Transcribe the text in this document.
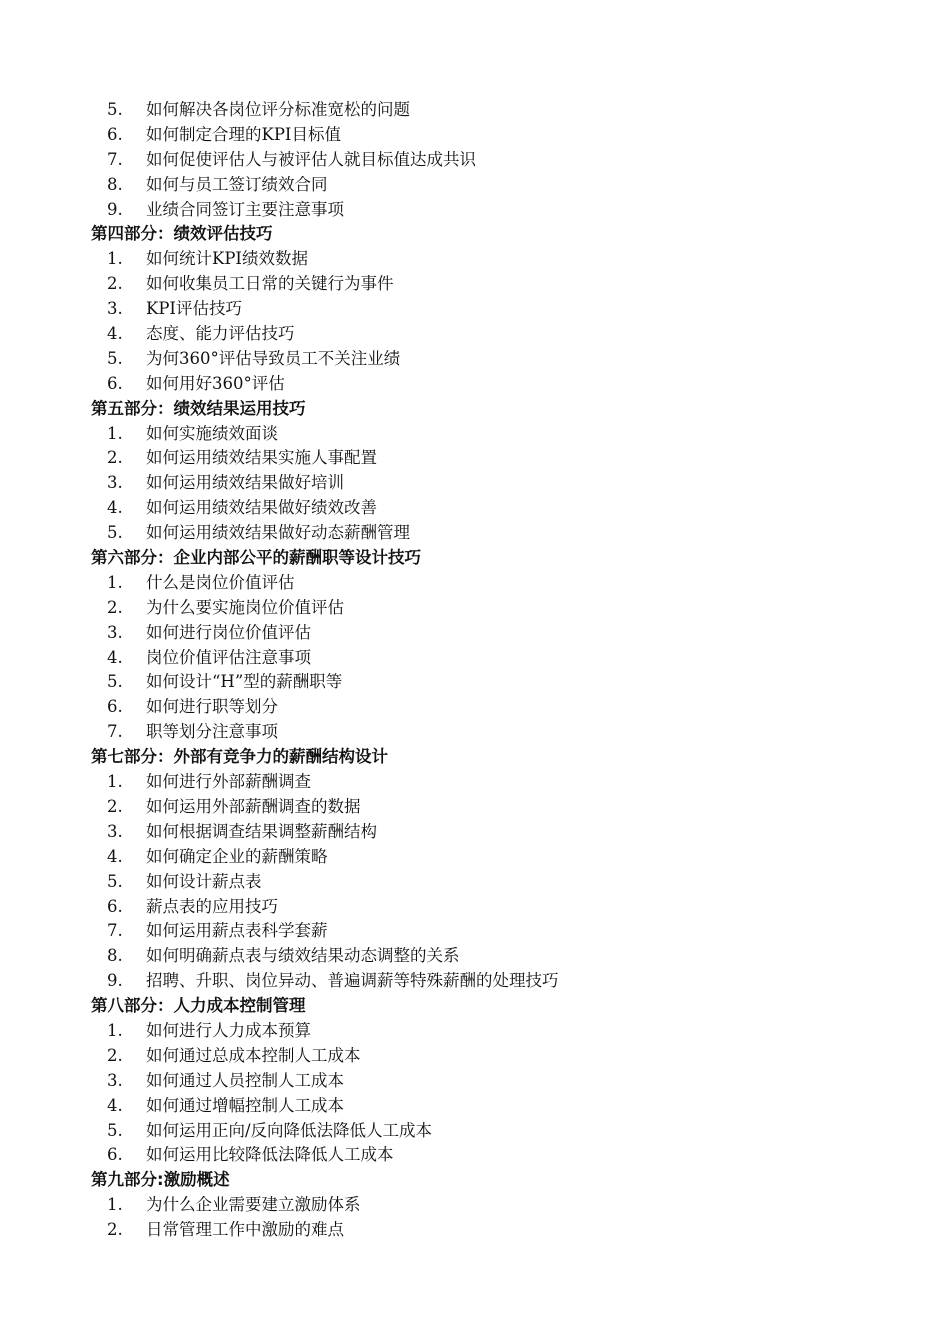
5.	如何解决各岗位评分标准宽松的问题
6.	如何制定合理的KPI目标值
7.	如何促使评估人与被评估人就目标值达成共识
8.	如何与员工签订绩效合同
9.	业绩合同签订主要注意事项
第四部分：绩效评估技巧
1.	如何统计KPI绩效数据
2.	如何收集员工日常的关键行为事件
3.	KPI评估技巧
4.	态度、能力评估技巧
5.	为何360°评估导致员工不关注业绩
6.	如何用好360°评估
第五部分：绩效结果运用技巧
1.	如何实施绩效面谈
2.	如何运用绩效结果实施人事配置
3.	如何运用绩效结果做好培训
4.	如何运用绩效结果做好绩效改善
5.	如何运用绩效结果做好动态薪酬管理
第六部分：企业内部公平的薪酬职等设计技巧
1.	什么是岗位价值评估
2.	为什么要实施岗位价值评估
3.	如何进行岗位价值评估
4.	岗位价值评估注意事项
5.	如何设计“H”型的薪酬职等
6.	如何进行职等划分
7.	职等划分注意事项
第七部分：外部有竞争力的薪酬结构设计
1.	如何进行外部薪酬调查
2.	如何运用外部薪酬调查的数据
3.	如何根据调查结果调整薪酬结构
4.	如何确定企业的薪酬策略
5.	如何设计薪点表
6.	薪点表的应用技巧
7.	如何运用薪点表科学套薪
8.	如何明确薪点表与绩效结果动态调整的关系
9.	招聘、升职、岗位异动、普遍调薪等特殊薪酬的处理技巧
第八部分：人力成本控制管理
1.	如何进行人力成本预算
2.	如何通过总成本控制人工成本
3.	如何通过人员控制人工成本
4.	如何通过增幅控制人工成本
5.	如何运用正向/反向降低法降低人工成本
6.	如何运用比较降低法降低人工成本
第九部分:激励概述
1.	为什么企业需要建立激励体系
2.	日常管理工作中激励的难点
